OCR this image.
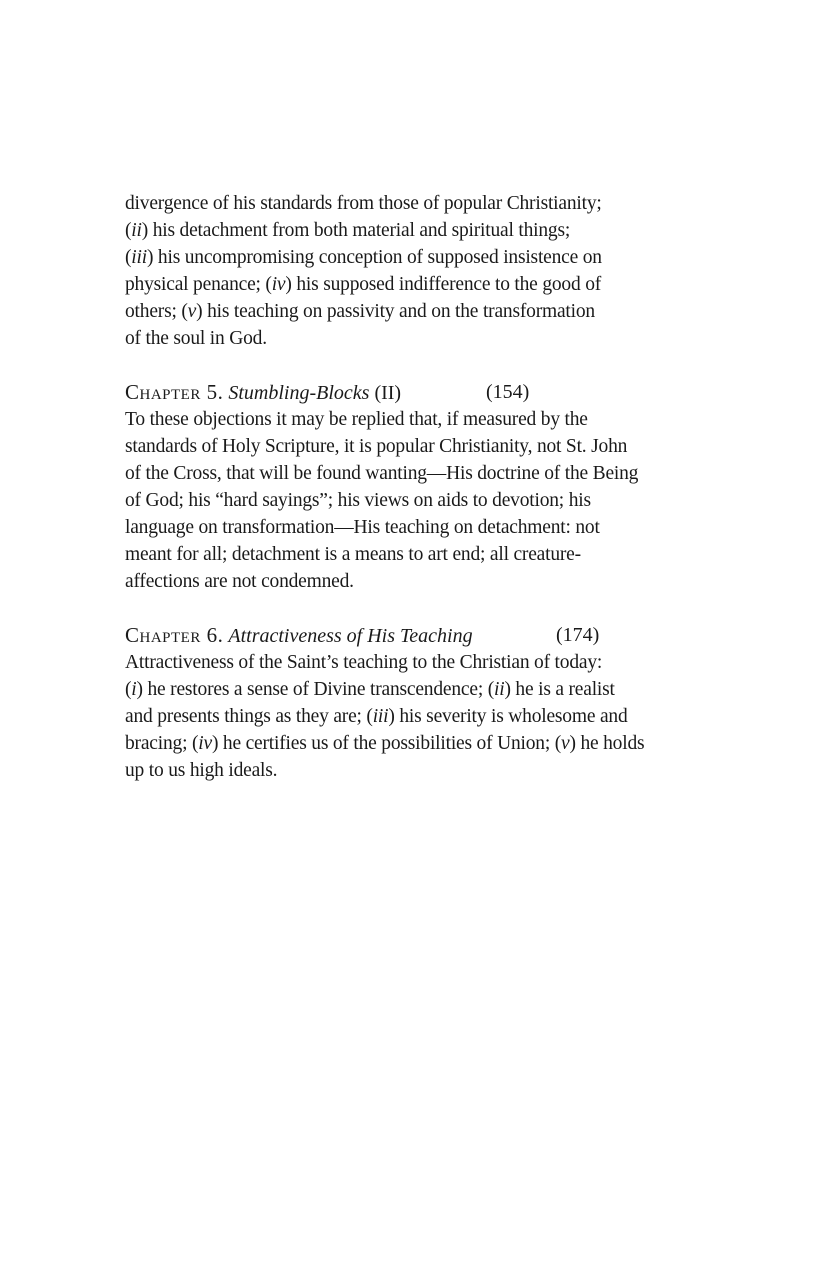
divergence of his standards from those of popular Christianity;
(ii) his detachment from both material and spiritual things;
(iii) his uncompromising conception of supposed insistence on
physical penance; (iv) his supposed indifference to the good of
others; (v) his teaching on passivity and on the transformation
of the soul in God.
Chapter 5. Stumbling-Blocks (II)	(154)
To these objections it may be replied that, if measured by the
standards of Holy Scripture, it is popular Christianity, not St. John
of the Cross, that will be found wanting—His doctrine of the Being
of God; his “hard sayings”; his views on aids to devotion; his
language on transformation—His teaching on detachment: not
meant for all; detachment is a means to art end; all creature-
affections are not condemned.
Chapter 6. Attractiveness of His Teaching	(174)
Attractiveness of the Saint’s teaching to the Christian of today:
(i) he restores a sense of Divine transcendence; (ii) he is a realist
and presents things as they are; (iii) his severity is wholesome and
bracing; (iv) he certifies us of the possibilities of Union; (v) he holds
up to us high ideals.
